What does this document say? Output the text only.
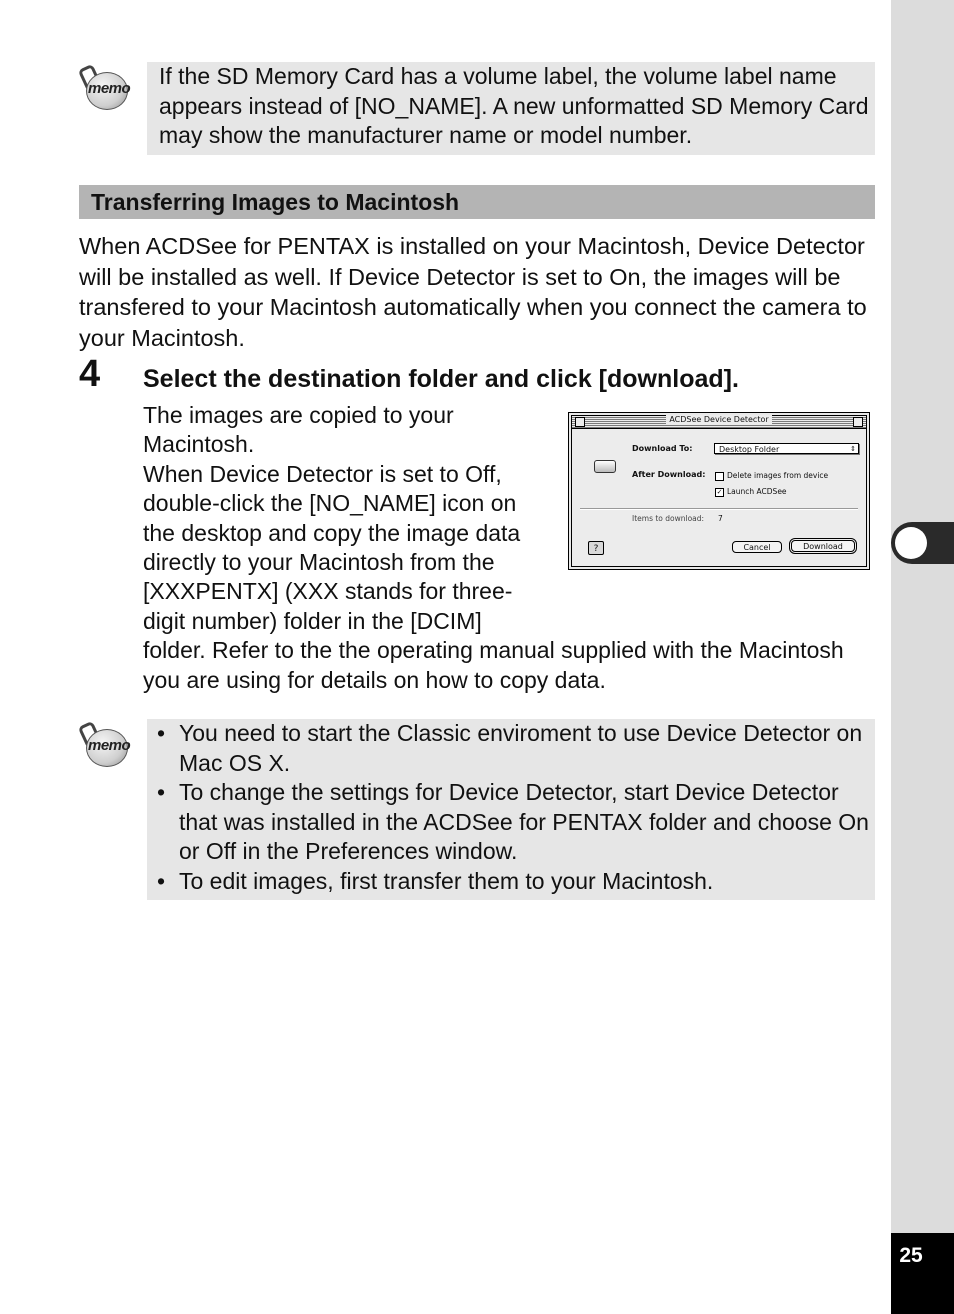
25
memo If the SD Memory Card has a volume label, the volume label name appears instead of [NO_NAME]. A new unformatted SD Memory Card may show the manufacturer name or model number.
Transferring Images to Macintosh
When ACDSee for PENTAX is installed on your Macintosh, Device Detector will be installed as well. If Device Detector is set to On, the images will be transfered to your Macintosh automatically when you connect the camera to your Macintosh.
4 Select the destination folder and click [download].
The images are copied to your
Macintosh.
When Device Detector is set to Off,
double-click the [NO_NAME] icon on
the desktop and copy the image data
directly to your Macintosh from the
[XXXPENTX] (XXX stands for three-
digit number) folder in the [DCIM]
folder. Refer to the the operating manual supplied with the Macintosh
you are using for details on how to copy data.
ACDSee Device Detector
Download To:	Desktop Folder	⇕
After Download:	Delete images from device
✓ Launch ACDSee
Items to download: 7
?	Cancel	Download
memo
•	You need to start the Classic enviroment to use Device Detector on Mac OS X.
• To change the settings for Device Detector, start Device Detector that was installed in the ACDSee for PENTAX folder and choose On or Off in the Preferences window.
• To edit images, first transfer them to your Macintosh.
